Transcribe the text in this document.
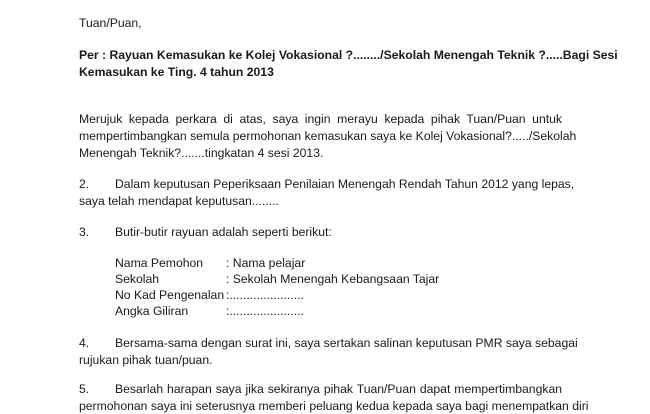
Tuan/Puan,
Per : Rayuan Kemasukan ke Kolej Vokasional ?......../Sekolah Menengah Teknik ?.....Bagi Sesi
Kemasukan ke Ting. 4 tahun 2013
Merujuk kepada perkara di atas, saya ingin merayu kepada pihak Tuan/Puan untuk
mempertimbangkan semula permohonan kemasukan saya ke Kolej Vokasional?...../Sekolah
Menengah Teknik?.......tingkatan 4 sesi 2013.
2. Dalam keputusan Peperiksaan Penilaian Menengah Rendah Tahun 2012 yang lepas,
saya telah mendapat keputusan........
3. Butir-butir rayuan adalah seperti berikut:
Nama Pemohon : Nama pelajar
Sekolah	: Sekolah Menengah Kebangsaan Tajar
No Kad Pengenalan :......................
Angka Giliran	:......................
4. Bersama-sama dengan surat ini, saya sertakan salinan keputusan PMR saya sebagai
rujukan pihak tuan/puan.
5. Besarlah harapan saya jika sekiranya pihak Tuan/Puan dapat mempertimbangkan
permohonan saya ini seterusnya memberi peluang kedua kepada saya bagi menempatkan diri
